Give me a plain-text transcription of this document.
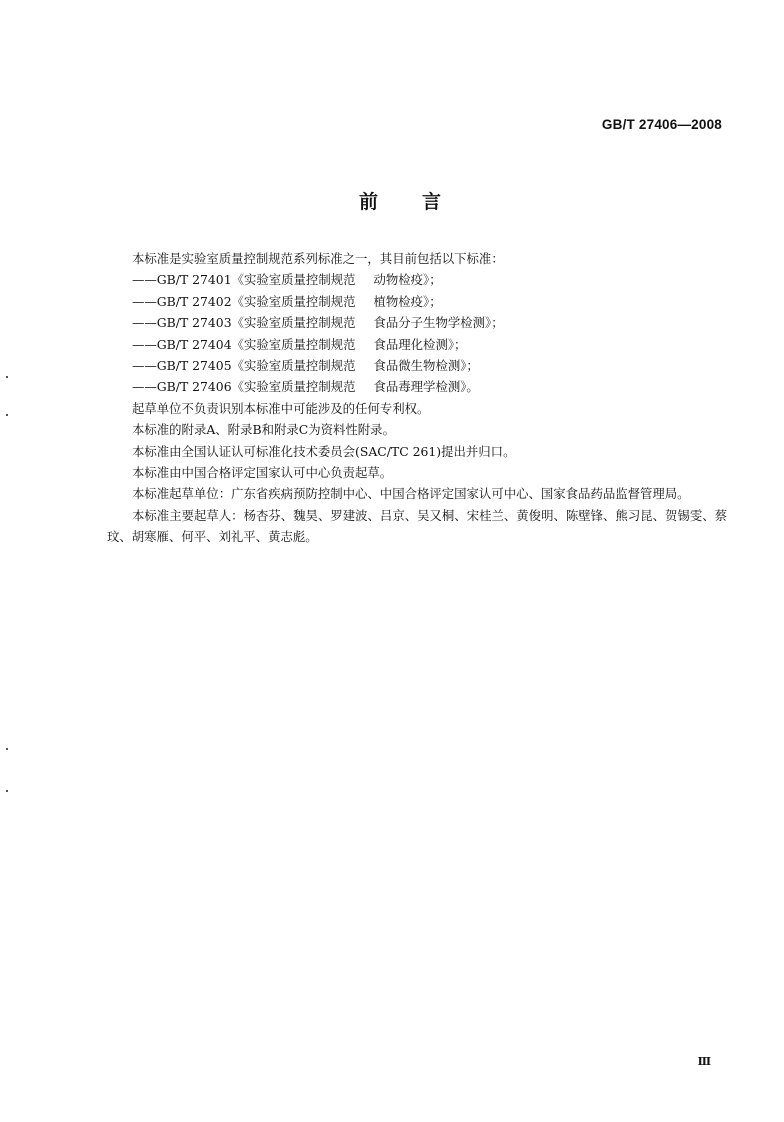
GB/T 27406—2008
前言

本标准是实验室质量控制规范系列标准之一，其目前包括以下标准：

——GB/T 27401《实验室质量控制规范 动物检疫》；

——GB/T 27402《实验室质量控制规范 植物检疫》；

——GB/T 27403《实验室质量控制规范 食品分子生物学检测》；

——GB/T 27404《实验室质量控制规范 食品理化检测》；

——GB/T 27405《实验室质量控制规范 食品微生物检测》；

——GB/T 27406《实验室质量控制规范 食品毒理学检测》。

起草单位不负责识别本标准中可能涉及的任何专利权。

本标准的附录A、附录B和附录C为资料性附录。

本标准由全国认证认可标准化技术委员会(SAC/TC 261)提出并归口。

本标准由中国合格评定国家认可中心负责起草。

本标准起草单位：广东省疾病预防控制中心、中国合格评定国家认可中心、国家食品药品监督管理局。

本标准主要起草人：杨杏芬、魏昊、罗建波、吕京、吴又桐、宋桂兰、黄俊明、陈壁锋、熊习昆、贺锡雯、蔡玟、胡寒雁、何平、刘礼平、黄志彪。

Ⅲ
